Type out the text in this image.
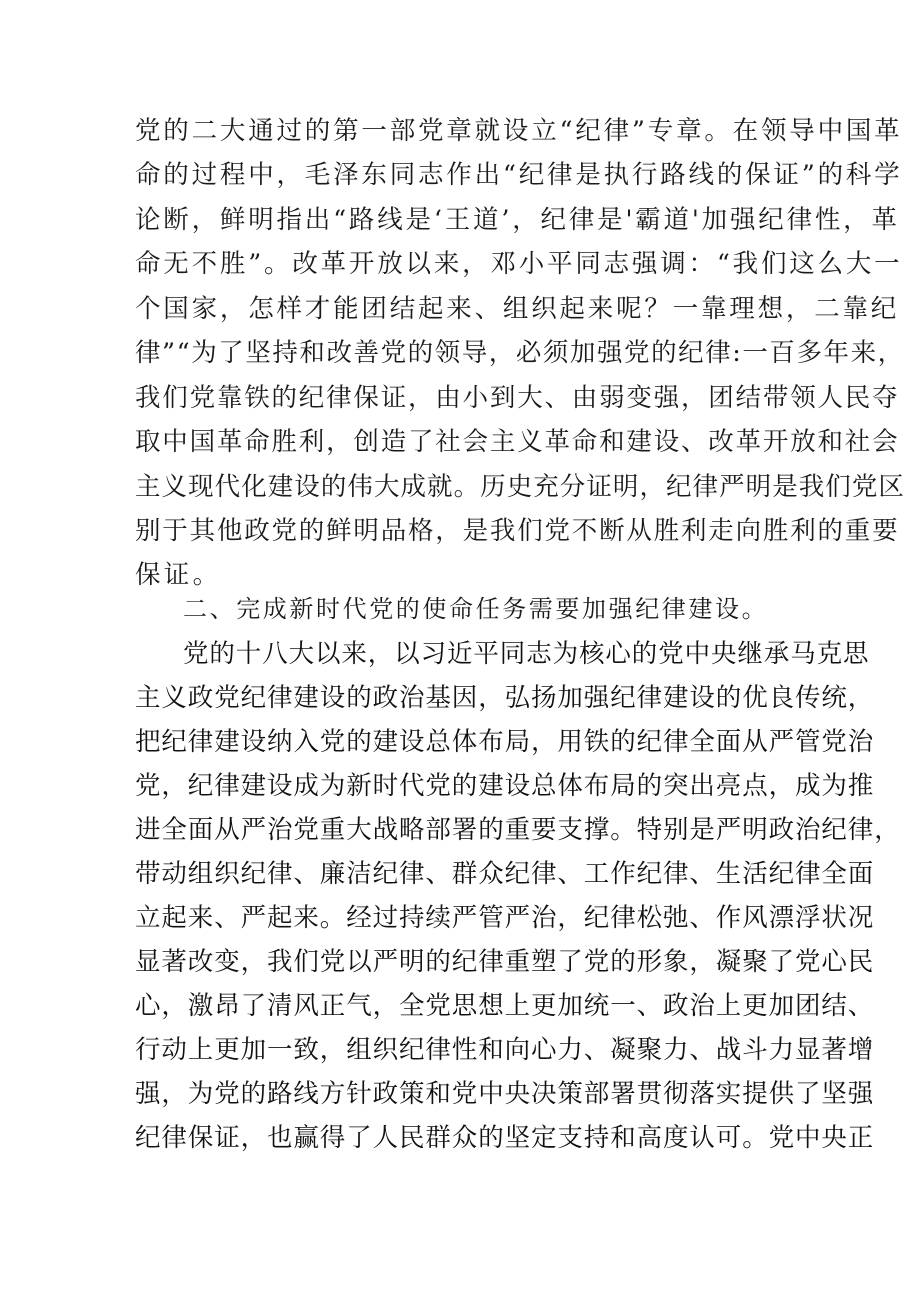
党的二大通过的第一部党章就设立“纪律”专章。在领导中国革
命的过程中，毛泽东同志作出“纪律是执行路线的保证”的科学
论断，鲜明指出“路线是‘王道’，纪律是'霸道'加强纪律性，革
命无不胜”。改革开放以来，邓小平同志强调：“我们这么大一
个国家，怎样才能团结起来、组织起来呢？一靠理想，二靠纪
律”“为了坚持和改善党的领导，必须加强党的纪律:一百多年来，
我们党靠铁的纪律保证，由小到大、由弱变强，团结带领人民夺
取中国革命胜利，创造了社会主义革命和建设、改革开放和社会
主义现代化建设的伟大成就。历史充分证明，纪律严明是我们党区
别于其他政党的鲜明品格，是我们党不断从胜利走向胜利的重要
保证。
二、完成新时代党的使命任务需要加强纪律建设。
党的十八大以来，以习近平同志为核心的党中央继承马克思
主义政党纪律建设的政治基因，弘扬加强纪律建设的优良传统，
把纪律建设纳入党的建设总体布局，用铁的纪律全面从严管党治
党，纪律建设成为新时代党的建设总体布局的突出亮点，成为推
进全面从严治党重大战略部署的重要支撑。特别是严明政治纪律，
带动组织纪律、廉洁纪律、群众纪律、工作纪律、生活纪律全面
立起来、严起来。经过持续严管严治，纪律松弛、作风漂浮状况
显著改变，我们党以严明的纪律重塑了党的形象，凝聚了党心民
心，激昂了清风正气，全党思想上更加统一、政治上更加团结、
行动上更加一致，组织纪律性和向心力、凝聚力、战斗力显著增
强，为党的路线方针政策和党中央决策部署贯彻落实提供了坚强
纪律保证，也赢得了人民群众的坚定支持和高度认可。党中央正
